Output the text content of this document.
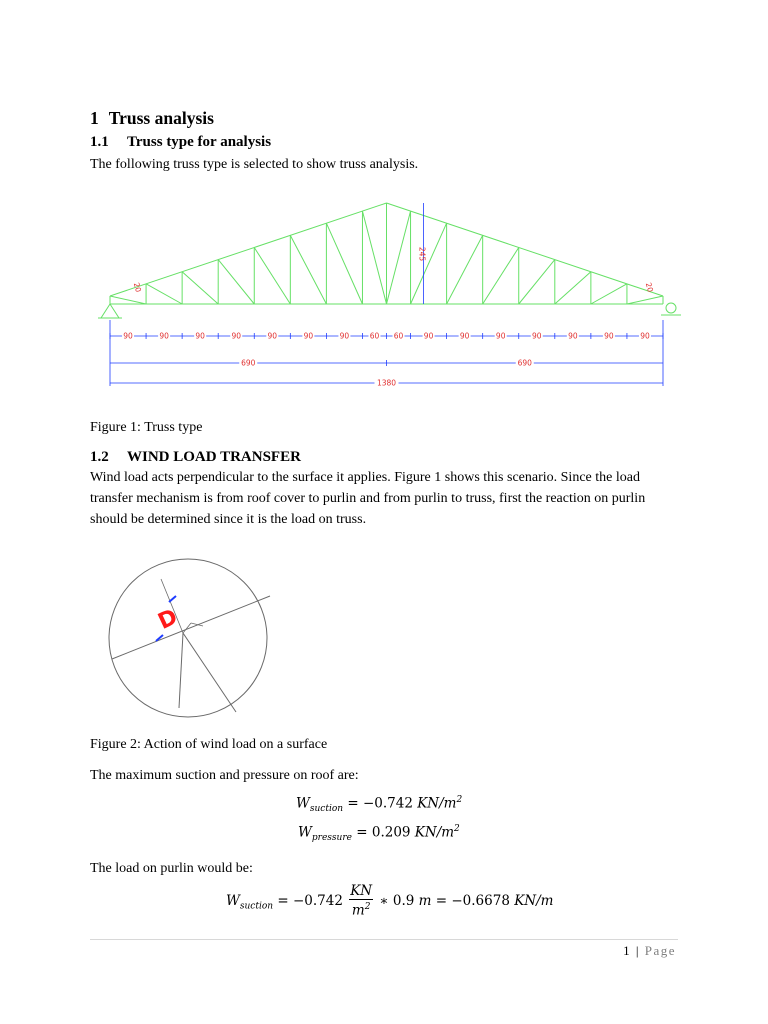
1 Truss analysis
1.1 Truss type for analysis
The following truss type is selected to show truss analysis.
90	90	90	90	90	90	90	60 60	90	90	90	90	90	90	90
690	690
1380
245
20	20
Figure 1: Truss type
1.2 WIND LOAD TRANSFER
Wind load acts perpendicular to the surface it applies. Figure 1 shows this scenario. Since the load transfer mechanism is from roof cover to purlin and from purlin to truss, first the reaction on purlin should be determined since it is the load on truss.
D
Figure 2: Action of wind load on a surface
The maximum suction and pressure on roof are:
$W_{suction} = -0.742$ $KN/m^2$
$W_{pressure} = 0.209$ $KN/m^2$
The load on purlin would be:
$W_{suction} = -0.742 \frac{KN}{m^2}$ ∗ 0.9 m = −0.6678 KN/m
1 | Page
